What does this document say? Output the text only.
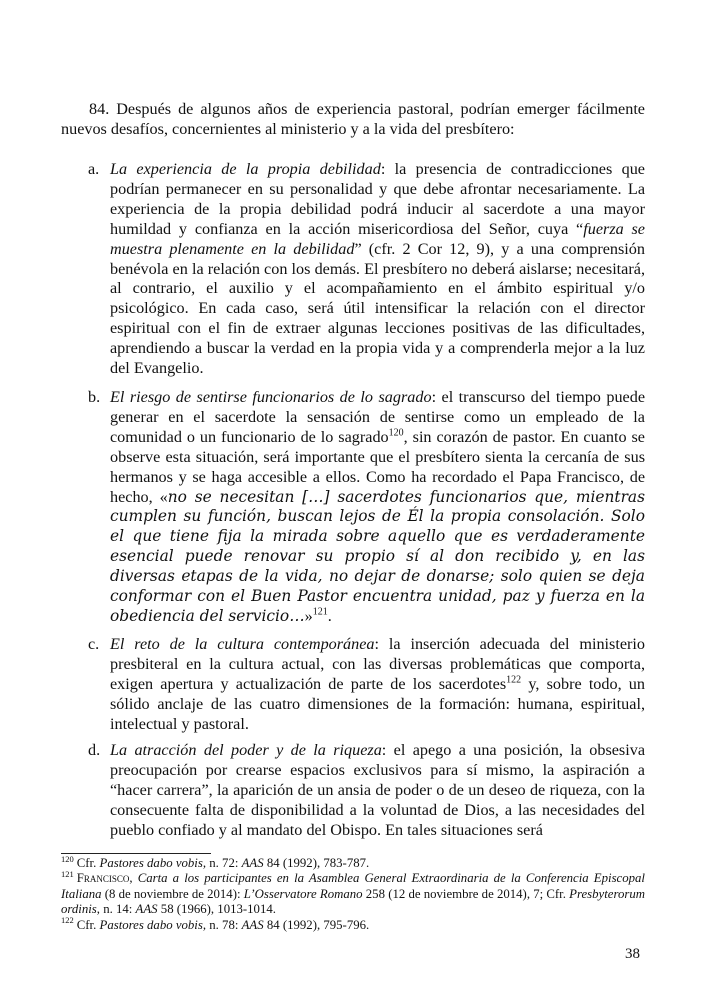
84. Después de algunos años de experiencia pastoral, podrían emerger fácilmente nuevos desafíos, concernientes al ministerio y a la vida del presbítero:

a. La experiencia de la propia debilidad: la presencia de contradicciones que podrían permanecer en su personalidad y que debe afrontar necesariamente. La experiencia de la propia debilidad podrá inducir al sacerdote a una mayor humildad y confianza en la acción misericordiosa del Señor, cuya “fuerza se muestra plenamente en la debilidad” (cfr. 2 Cor 12, 9), y a una comprensión benévola en la relación con los demás. El presbítero no deberá aislarse; necesitará, al contrario, el auxilio y el acompañamiento en el ámbito espiritual y/o psicológico. En cada caso, será útil intensificar la relación con el director espiritual con el fin de extraer algunas lecciones positivas de las dificultades, aprendiendo a buscar la verdad en la propia vida y a comprenderla mejor a la luz del Evangelio.
b. El riesgo de sentirse funcionarios de lo sagrado: el transcurso del tiempo puede generar en el sacerdote la sensación de sentirse como un empleado de la comunidad o un funcionario de lo sagrado$^{120}$, sin corazón de pastor. En cuanto se observe esta situación, será importante que el presbítero sienta la cercanía de sus hermanos y se haga accesible a ellos. Como ha recordado el Papa Francisco, de hecho, «no se necesitan […] sacerdotes funcionarios que, mientras cumplen su función, buscan lejos de Él la propia consolación. Solo el que tiene fija la mirada sobre aquello que es verdaderamente esencial puede renovar su propio sí al don recibido y, en las diversas etapas de la vida, no dejar de donarse; solo quien se deja conformar con el Buen Pastor encuentra unidad, paz y fuerza en la obediencia del servicio…»$^{121}$.
c. El reto de la cultura contemporánea: la inserción adecuada del ministerio presbiteral en la cultura actual, con las diversas problemáticas que comporta, exigen apertura y actualización de parte de los sacerdotes$^{122}$ y, sobre todo, un sólido anclaje de las cuatro dimensiones de la formación: humana, espiritual, intelectual y pastoral.
d. La atracción del poder y de la riqueza: el apego a una posición, la obsesiva preocupación por crearse espacios exclusivos para sí mismo, la aspiración a “hacer carrera”, la aparición de un ansia de poder o de un deseo de riqueza, con la consecuente falta de disponibilidad a la voluntad de Dios, a las necesidades del pueblo confiado y al mandato del Obispo. En tales situaciones será

$^{120}$ Cfr. Pastores dabo vobis, n. 72: AAS 84 (1992), 783-787.

$^{121}$ Francisco, Carta a los participantes en la Asamblea General Extraordinaria de la Conferencia Episcopal Italiana (8 de noviembre de 2014): L’Osservatore Romano 258 (12 de noviembre de 2014), 7; Cfr. Presbyterorum ordinis, n. 14: AAS 58 (1966), 1013-1014.

$^{122}$ Cfr. Pastores dabo vobis, n. 78: AAS 84 (1992), 795-796.

38
